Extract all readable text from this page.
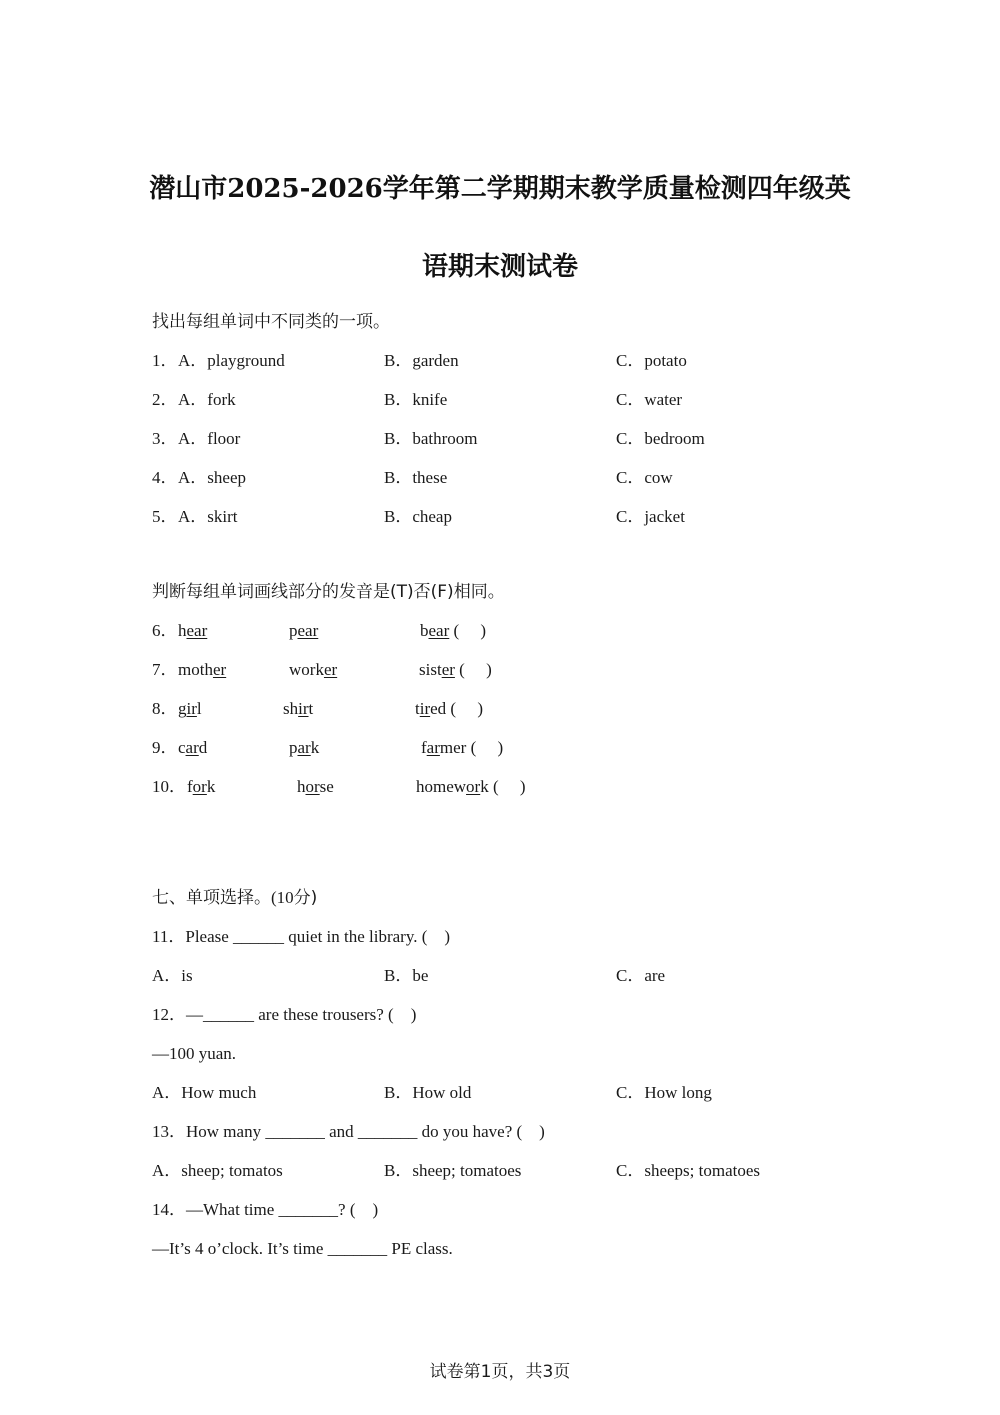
潜山市2025-2026学年第二学期期末教学质量检测四年级英
语期末测试卷
找出每组单词中不同类的一项。
1． A．playground	B．garden	C．potato
2． A．fork	B．knife	C．water
3． A．floor	B．bathroom	C．bedroom
4． A．sheep	B．these	C．cow
5． A．skirt	B．cheap	C．jacket
判断每组单词画线部分的发音是(T)否(F)相同。
6． hear	pear	bear (     )
7． mother	worker	sister (     )
8． girl	shirt	tired (     )
9． card	park	farmer (     )
10． fork	horse	homework (     )
七、单项选择。(10分)
11．Please ______ quiet in the library. (    )
A．is	B．be	C．are
12．—______ are these trousers? (    )
—100 yuan.
A．How much	B．How old	C．How long
13．How many _______ and _______ do you have? (    )
A．sheep; tomatos	B．sheep; tomatoes	C．sheeps; tomatoes
14．—What time _______? (    )
—It’s 4 o’clock. It’s time _______ PE class.
试卷第1页，共3页
